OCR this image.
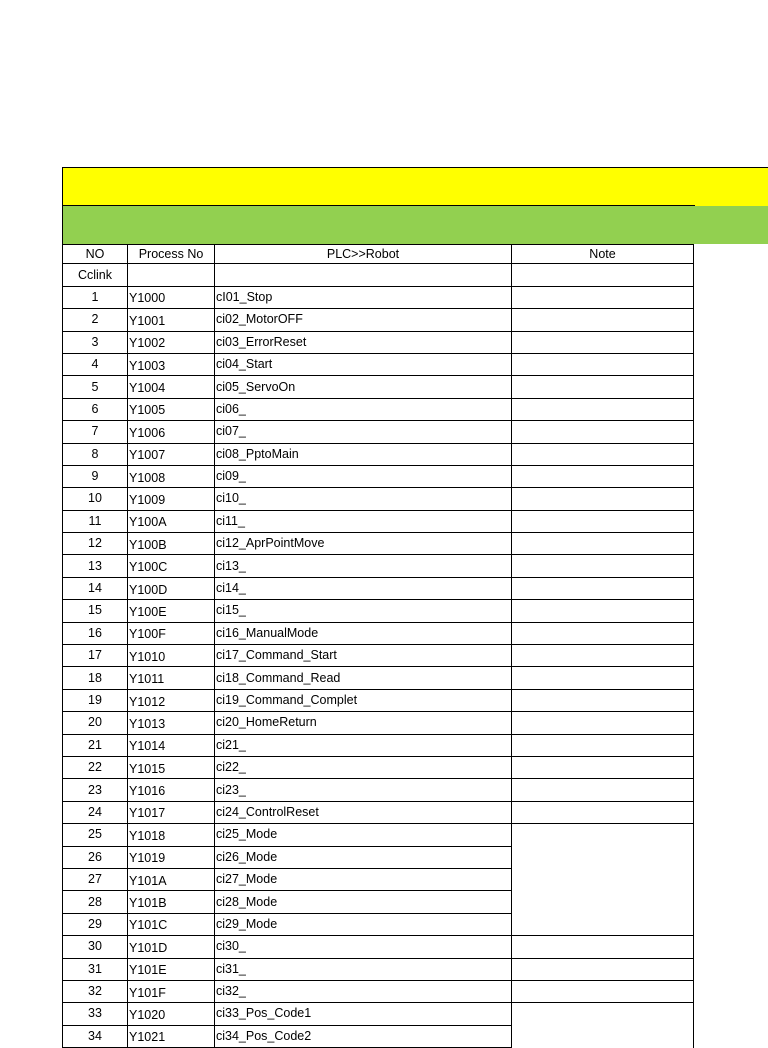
NO	Process No	PLC>>Robot	Note
Cclink			
1	Y1000	cI01_Stop	
2	Y1001	ci02_MotorOFF	
3	Y1002	ci03_ErrorReset	
4	Y1003	ci04_Start	
5	Y1004	ci05_ServoOn	
6	Y1005	ci06_	
7	Y1006	ci07_	
8	Y1007	ci08_PptoMain	
9	Y1008	ci09_	
10	Y1009	ci10_	
11	Y100A	ci11_	
12	Y100B	ci12_AprPointMove	
13	Y100C	ci13_	
14	Y100D	ci14_	
15	Y100E	ci15_	
16	Y100F	ci16_ManualMode	
17	Y1010	ci17_Command_Start	
18	Y1011	ci18_Command_Read	
19	Y1012	ci19_Command_Complet	
20	Y1013	ci20_HomeReturn	
21	Y1014	ci21_	
22	Y1015	ci22_	
23	Y1016	ci23_	
24	Y1017	ci24_ControlReset	
25	Y1018	ci25_Mode	
26	Y1019	ci26_Mode	
27	Y101A	ci27_Mode	
28	Y101B	ci28_Mode	
29	Y101C	ci29_Mode	
30	Y101D	ci30_	
31	Y101E	ci31_	
32	Y101F	ci32_	
33	Y1020	ci33_Pos_Code1	
34	Y1021	ci34_Pos_Code2	
